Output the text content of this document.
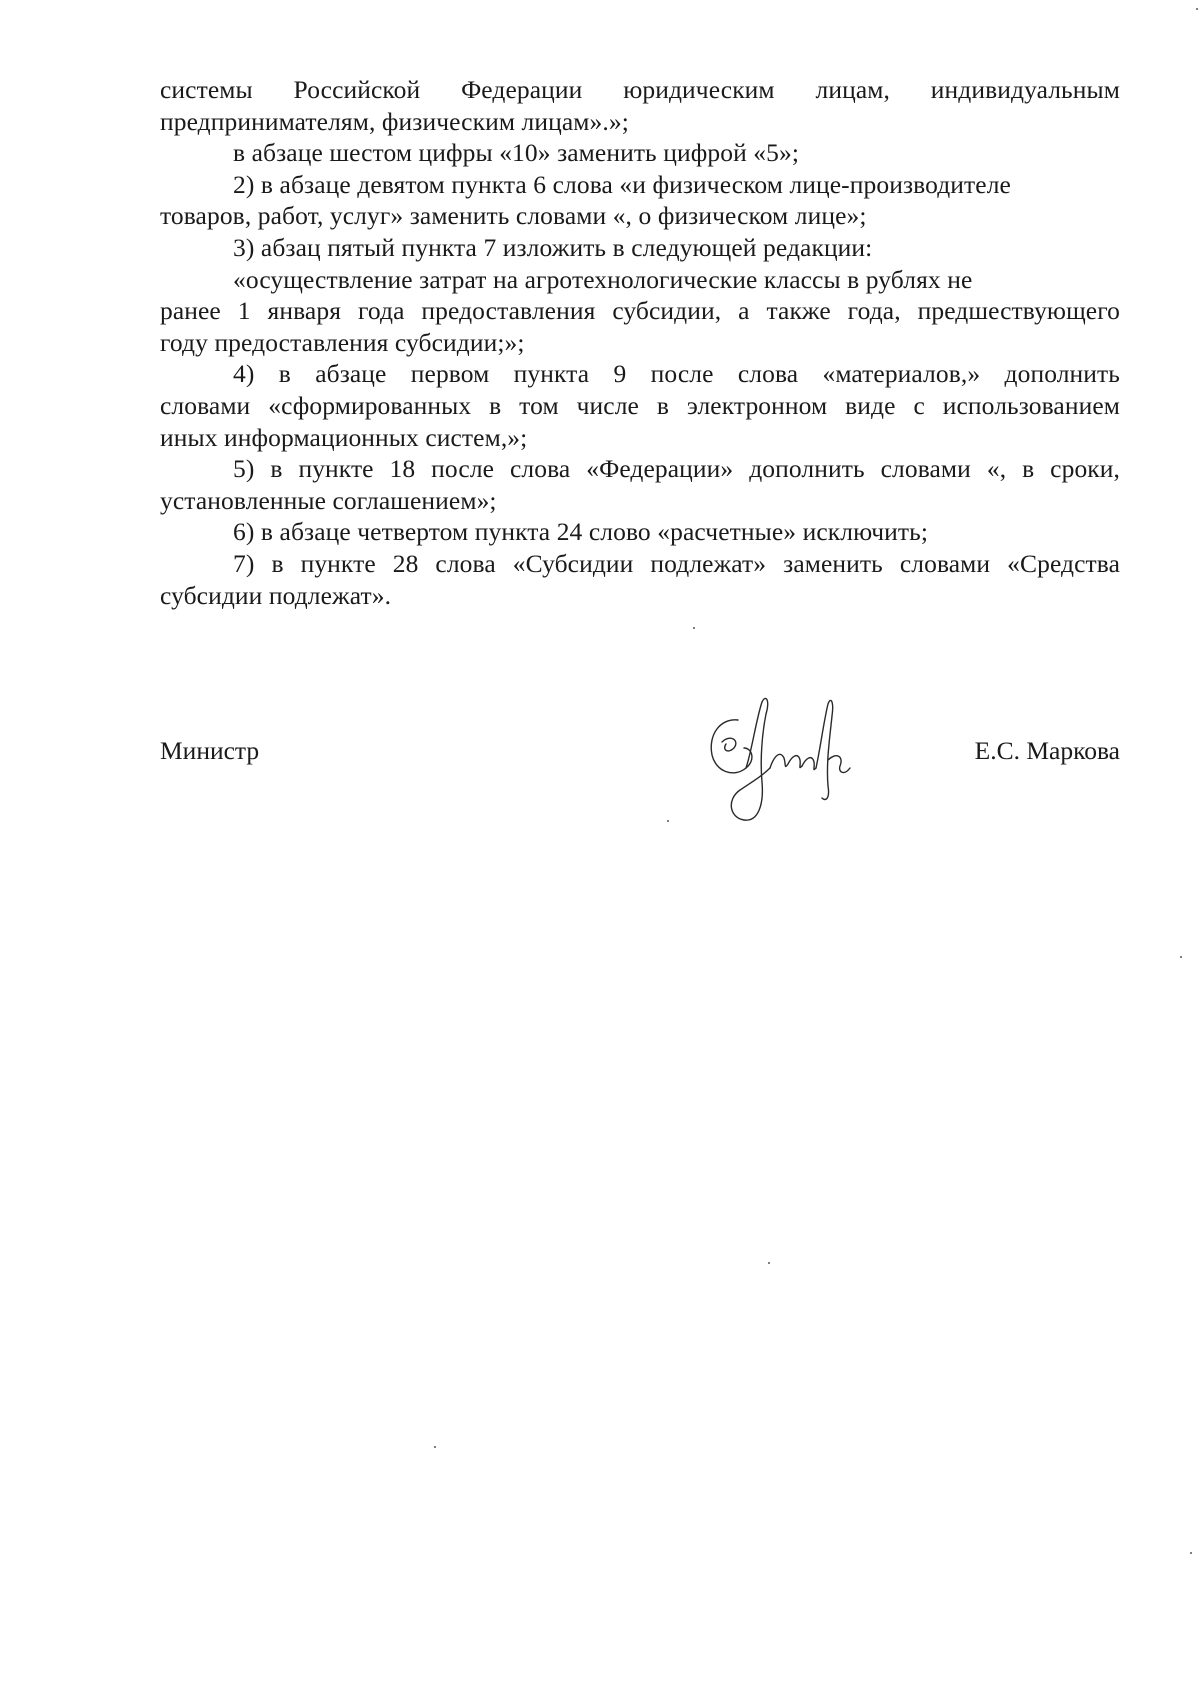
системы Российской Федерации юридическим лицам, индивидуальным
предпринимателям, физическим лицам».»;
в абзаце шестом цифры «10» заменить цифрой «5»;
2) в абзаце девятом пункта 6 слова «и физическом лице-производителе
товаров, работ, услуг» заменить словами «, о физическом лице»;
3) абзац пятый пункта 7 изложить в следующей редакции:
«осуществление затрат на агротехнологические классы в рублях не
ранее 1 января года предоставления субсидии, а также года, предшествующего
году предоставления субсидии;»;
4) в абзаце первом пункта 9 после слова «материалов,» дополнить
словами «сформированных в том числе в электронном виде с использованием
иных информационных систем,»;
5) в пункте 18 после слова «Федерации» дополнить словами «, в сроки,
установленные соглашением»;
6) в абзаце четвертом пункта 24 слово «расчетные» исключить;
7) в пункте 28 слова «Субсидии подлежат» заменить словами «Средства
субсидии подлежат».
Министр	Е.С. Маркова
